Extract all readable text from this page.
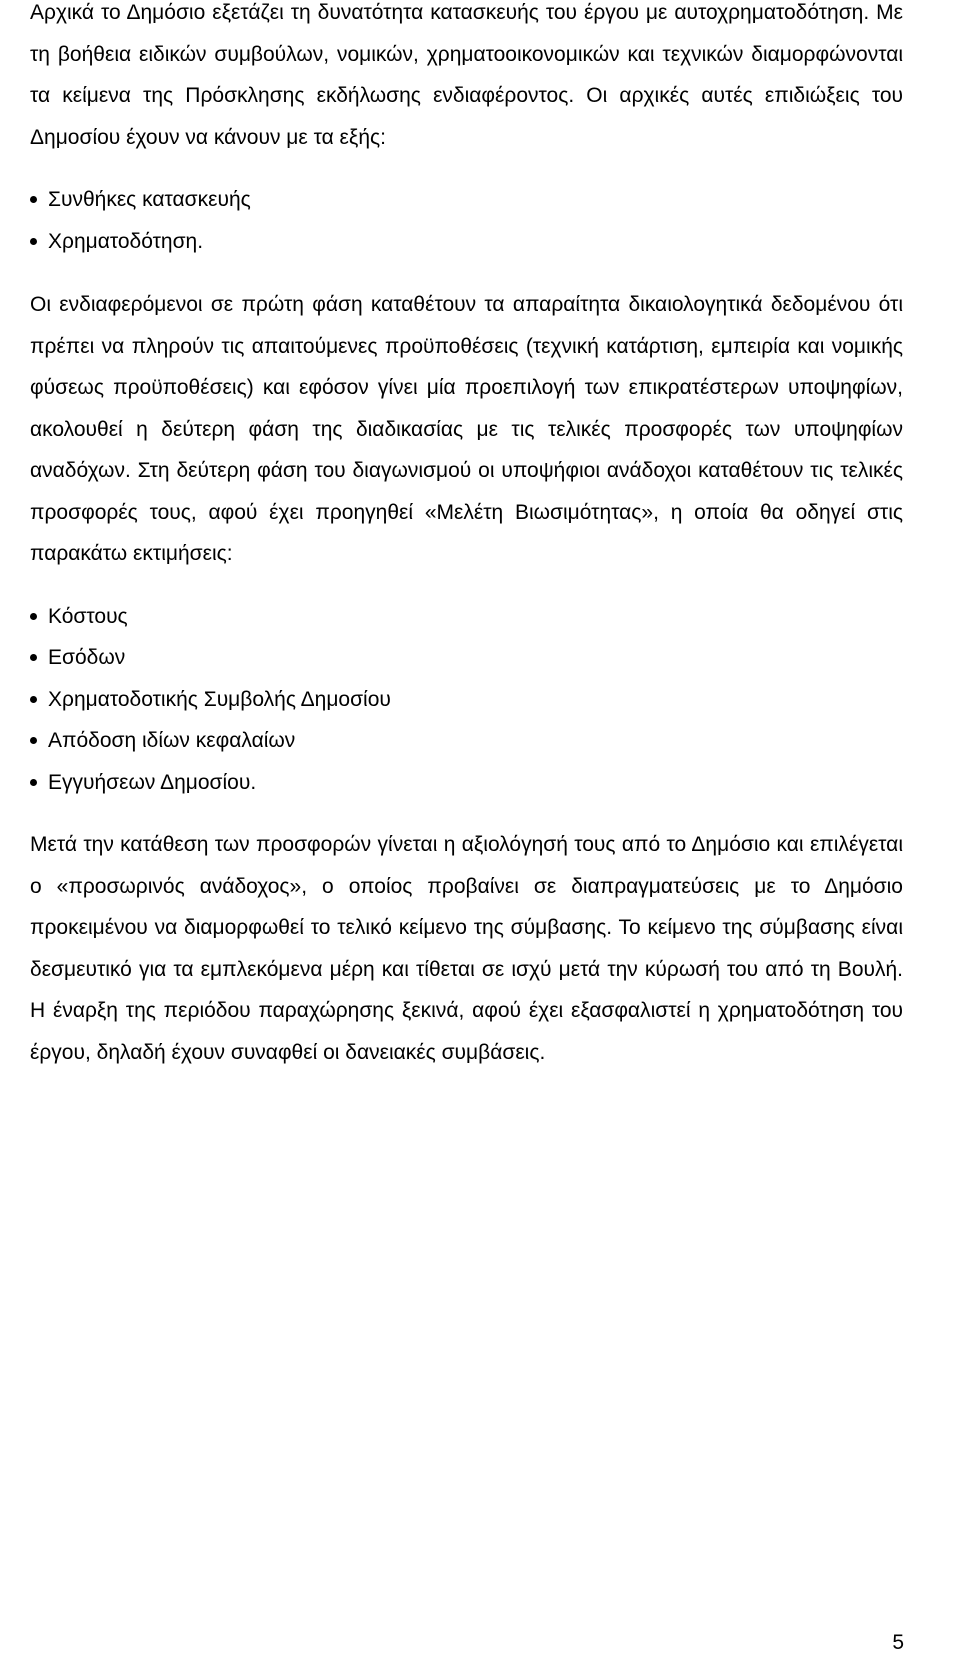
Αρχικά το Δημόσιο εξετάζει τη δυνατότητα κατασκευής του έργου με αυτοχρηματοδότηση. Με τη βοήθεια ειδικών συμβούλων, νομικών, χρηματοοικονομικών και τεχνικών διαμορφώνονται τα κείμενα της Πρόσκλησης εκδήλωσης ενδιαφέροντος. Οι αρχικές αυτές επιδιώξεις του Δημοσίου έχουν να κάνουν με τα εξής:

Συνθήκες κατασκευής
Χρηματοδότηση.

Οι ενδιαφερόμενοι σε πρώτη φάση καταθέτουν τα απαραίτητα δικαιολογητικά δεδομένου ότι πρέπει να πληρούν τις απαιτούμενες προϋποθέσεις (τεχνική κατάρτιση, εμπειρία και νομικής φύσεως προϋποθέσεις) και εφόσον γίνει μία προεπιλογή των επικρατέστερων υποψηφίων, ακολουθεί η δεύτερη φάση της διαδικασίας με τις τελικές προσφορές των υποψηφίων αναδόχων. Στη δεύτερη φάση του διαγωνισμού οι υποψήφιοι ανάδοχοι καταθέτουν τις τελικές προσφορές τους, αφού έχει προηγηθεί «Μελέτη Βιωσιμότητας», η οποία θα οδηγεί στις παρακάτω εκτιμήσεις:

Κόστους
Εσόδων
Χρηματοδοτικής Συμβολής Δημοσίου
Απόδοση ιδίων κεφαλαίων
Εγγυήσεων Δημοσίου.

Μετά την κατάθεση των προσφορών γίνεται η αξιολόγησή τους από το Δημόσιο και επιλέγεται ο «προσωρινός ανάδοχος», ο οποίος προβαίνει σε διαπραγματεύσεις με το Δημόσιο προκειμένου να διαμορφωθεί το τελικό κείμενο της σύμβασης. Το κείμενο της σύμβασης είναι δεσμευτικό για τα εμπλεκόμενα μέρη και τίθεται σε ισχύ μετά την κύρωσή του από τη Βουλή. Η έναρξη της περιόδου παραχώρησης ξεκινά, αφού έχει εξασφαλιστεί η χρηματοδότηση του έργου, δηλαδή έχουν συναφθεί οι δανειακές συμβάσεις.

5
